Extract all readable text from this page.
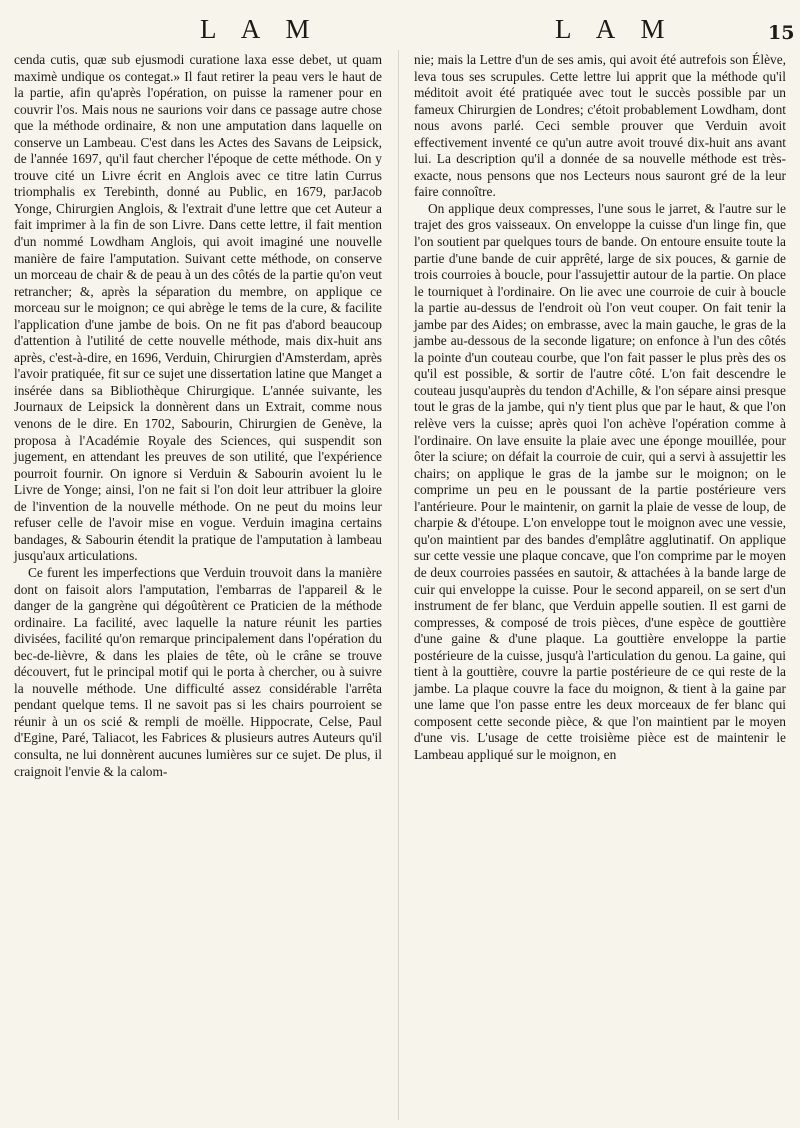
L A M	L A M	15

cenda cutis, quæ sub ejusmodi curatione laxa esse debet, ut quam maximè undique os contegat.» Il faut retirer la peau vers le haut de la partie, afin qu'après l'opération, on puisse la ramener pour en couvrir l'os. Mais nous ne saurions voir dans ce passage autre chose que la méthode ordinaire, & non une amputation dans laquelle on conserve un Lambeau. C'est dans les Actes des Savans de Leipsick, de l'année 1697, qu'il faut chercher l'époque de cette méthode. On y trouve cité un Livre écrit en Anglois avec ce titre latin Currus triomphalis ex Terebinth, donné au Public, en 1679, parJacob Yonge, Chirurgien Anglois, & l'extrait d'une lettre que cet Auteur a fait imprimer à la fin de son Livre. Dans cette lettre, il fait mention d'un nommé Lowdham Anglois, qui avoit imaginé une nouvelle manière de faire l'amputation. Suivant cette méthode, on conserve un morceau de chair & de peau à un des côtés de la partie qu'on veut retrancher; &, après la séparation du membre, on applique ce morceau sur le moignon; ce qui abrège le tems de la cure, & facilite l'application d'une jambe de bois. On ne fit pas d'abord beaucoup d'attention à l'utilité de cette nouvelle méthode, mais dix-huit ans après, c'est-à-dire, en 1696, Verduin, Chirurgien d'Amsterdam, après l'avoir pratiquée, fit sur ce sujet une dissertation latine que Manget a insérée dans sa Bibliothèque Chirurgique. L'année suivante, les Journaux de Leipsick la donnèrent dans un Extrait, comme nous venons de le dire. En 1702, Sabourin, Chirurgien de Genève, la proposa à l'Académie Royale des Sciences, qui suspendit son jugement, en attendant les preuves de son utilité, que l'expérience pourroit fournir. On ignore si Verduin & Sabourin avoient lu le Livre de Yonge; ainsi, l'on ne fait si l'on doit leur attribuer la gloire de l'invention de la nouvelle méthode. On ne peut du moins leur refuser celle de l'avoir mise en vogue. Verduin imagina certains bandages, & Sabourin étendit la pratique de l'amputation à lambeau jusqu'aux articulations.

Ce furent les imperfections que Verduin trouvoit dans la manière dont on faisoit alors l'amputation, l'embarras de l'appareil & le danger de la gangrène qui dégoûtèrent ce Praticien de la méthode ordinaire. La facilité, avec laquelle la nature réunit les parties divisées, facilité qu'on remarque principalement dans l'opération du bec-de-lièvre, & dans les plaies de tête, où le crâne se trouve découvert, fut le principal motif qui le porta à chercher, ou à suivre la nouvelle méthode. Une difficulté assez considérable l'arrêta pendant quelque tems. Il ne savoit pas si les chairs pourroient se réunir à un os scié & rempli de moëlle. Hippocrate, Celse, Paul d'Egine, Paré, Taliacot, les Fabrices & plusieurs autres Auteurs qu'il consulta, ne lui donnèrent aucunes lumières sur ce sujet. De plus, il craignoit l'envie & la calom-

nie; mais la Lettre d'un de ses amis, qui avoit été autrefois son Élève, leva tous ses scrupules. Cette lettre lui apprit que la méthode qu'il méditoit avoit été pratiquée avec tout le succès possible par un fameux Chirurgien de Londres; c'étoit probablement Lowdham, dont nous avons parlé. Ceci semble prouver que Verduin avoit effectivement inventé ce qu'un autre avoit trouvé dix-huit ans avant lui. La description qu'il a donnée de sa nouvelle méthode est très-exacte, nous pensons que nos Lecteurs nous sauront gré de la leur faire connoître.

On applique deux compresses, l'une sous le jarret, & l'autre sur le trajet des gros vaisseaux. On enveloppe la cuisse d'un linge fin, que l'on soutient par quelques tours de bande. On entoure ensuite toute la partie d'une bande de cuir apprêté, large de six pouces, & garnie de trois courroies à boucle, pour l'assujettir autour de la partie. On place le tourniquet à l'ordinaire. On lie avec une courroie de cuir à boucle la partie au-dessus de l'endroit où l'on veut couper. On fait tenir la jambe par des Aides; on embrasse, avec la main gauche, le gras de la jambe au-dessous de la seconde ligature; on enfonce à l'un des côtés la pointe d'un couteau courbe, que l'on fait passer le plus près des os qu'il est possible, & sortir de l'autre côté. L'on fait descendre le couteau jusqu'auprès du tendon d'Achille, & l'on sépare ainsi presque tout le gras de la jambe, qui n'y tient plus que par le haut, & que l'on relève vers la cuisse; après quoi l'on achève l'opération comme à l'ordinaire. On lave ensuite la plaie avec une éponge mouillée, pour ôter la sciure; on défait la courroie de cuir, qui a servi à assujettir les chairs; on applique le gras de la jambe sur le moignon; on le comprime un peu en le poussant de la partie postérieure vers l'antérieure. Pour le maintenir, on garnit la plaie de vesse de loup, de charpie & d'étoupe. L'on enveloppe tout le moignon avec une vessie, qu'on maintient par des bandes d'emplâtre agglutinatif. On applique sur cette vessie une plaque concave, que l'on comprime par le moyen de deux courroies passées en sautoir, & attachées à la bande large de cuir qui enveloppe la cuisse. Pour le second appareil, on se sert d'un instrument de fer blanc, que Verduin appelle soutien. Il est garni de compresses, & composé de trois pièces, d'une espèce de gouttière d'une gaine & d'une plaque. La gouttière enveloppe la partie postérieure de la cuisse, jusqu'à l'articulation du genou. La gaine, qui tient à la gouttière, couvre la partie postérieure de ce qui reste de la jambe. La plaque couvre la face du moignon, & tient à la gaine par une lame que l'on passe entre les deux morceaux de fer blanc qui composent cette seconde pièce, & que l'on maintient par le moyen d'une vis. L'usage de cette troisième pièce est de maintenir le Lambeau appliqué sur le moignon, en
